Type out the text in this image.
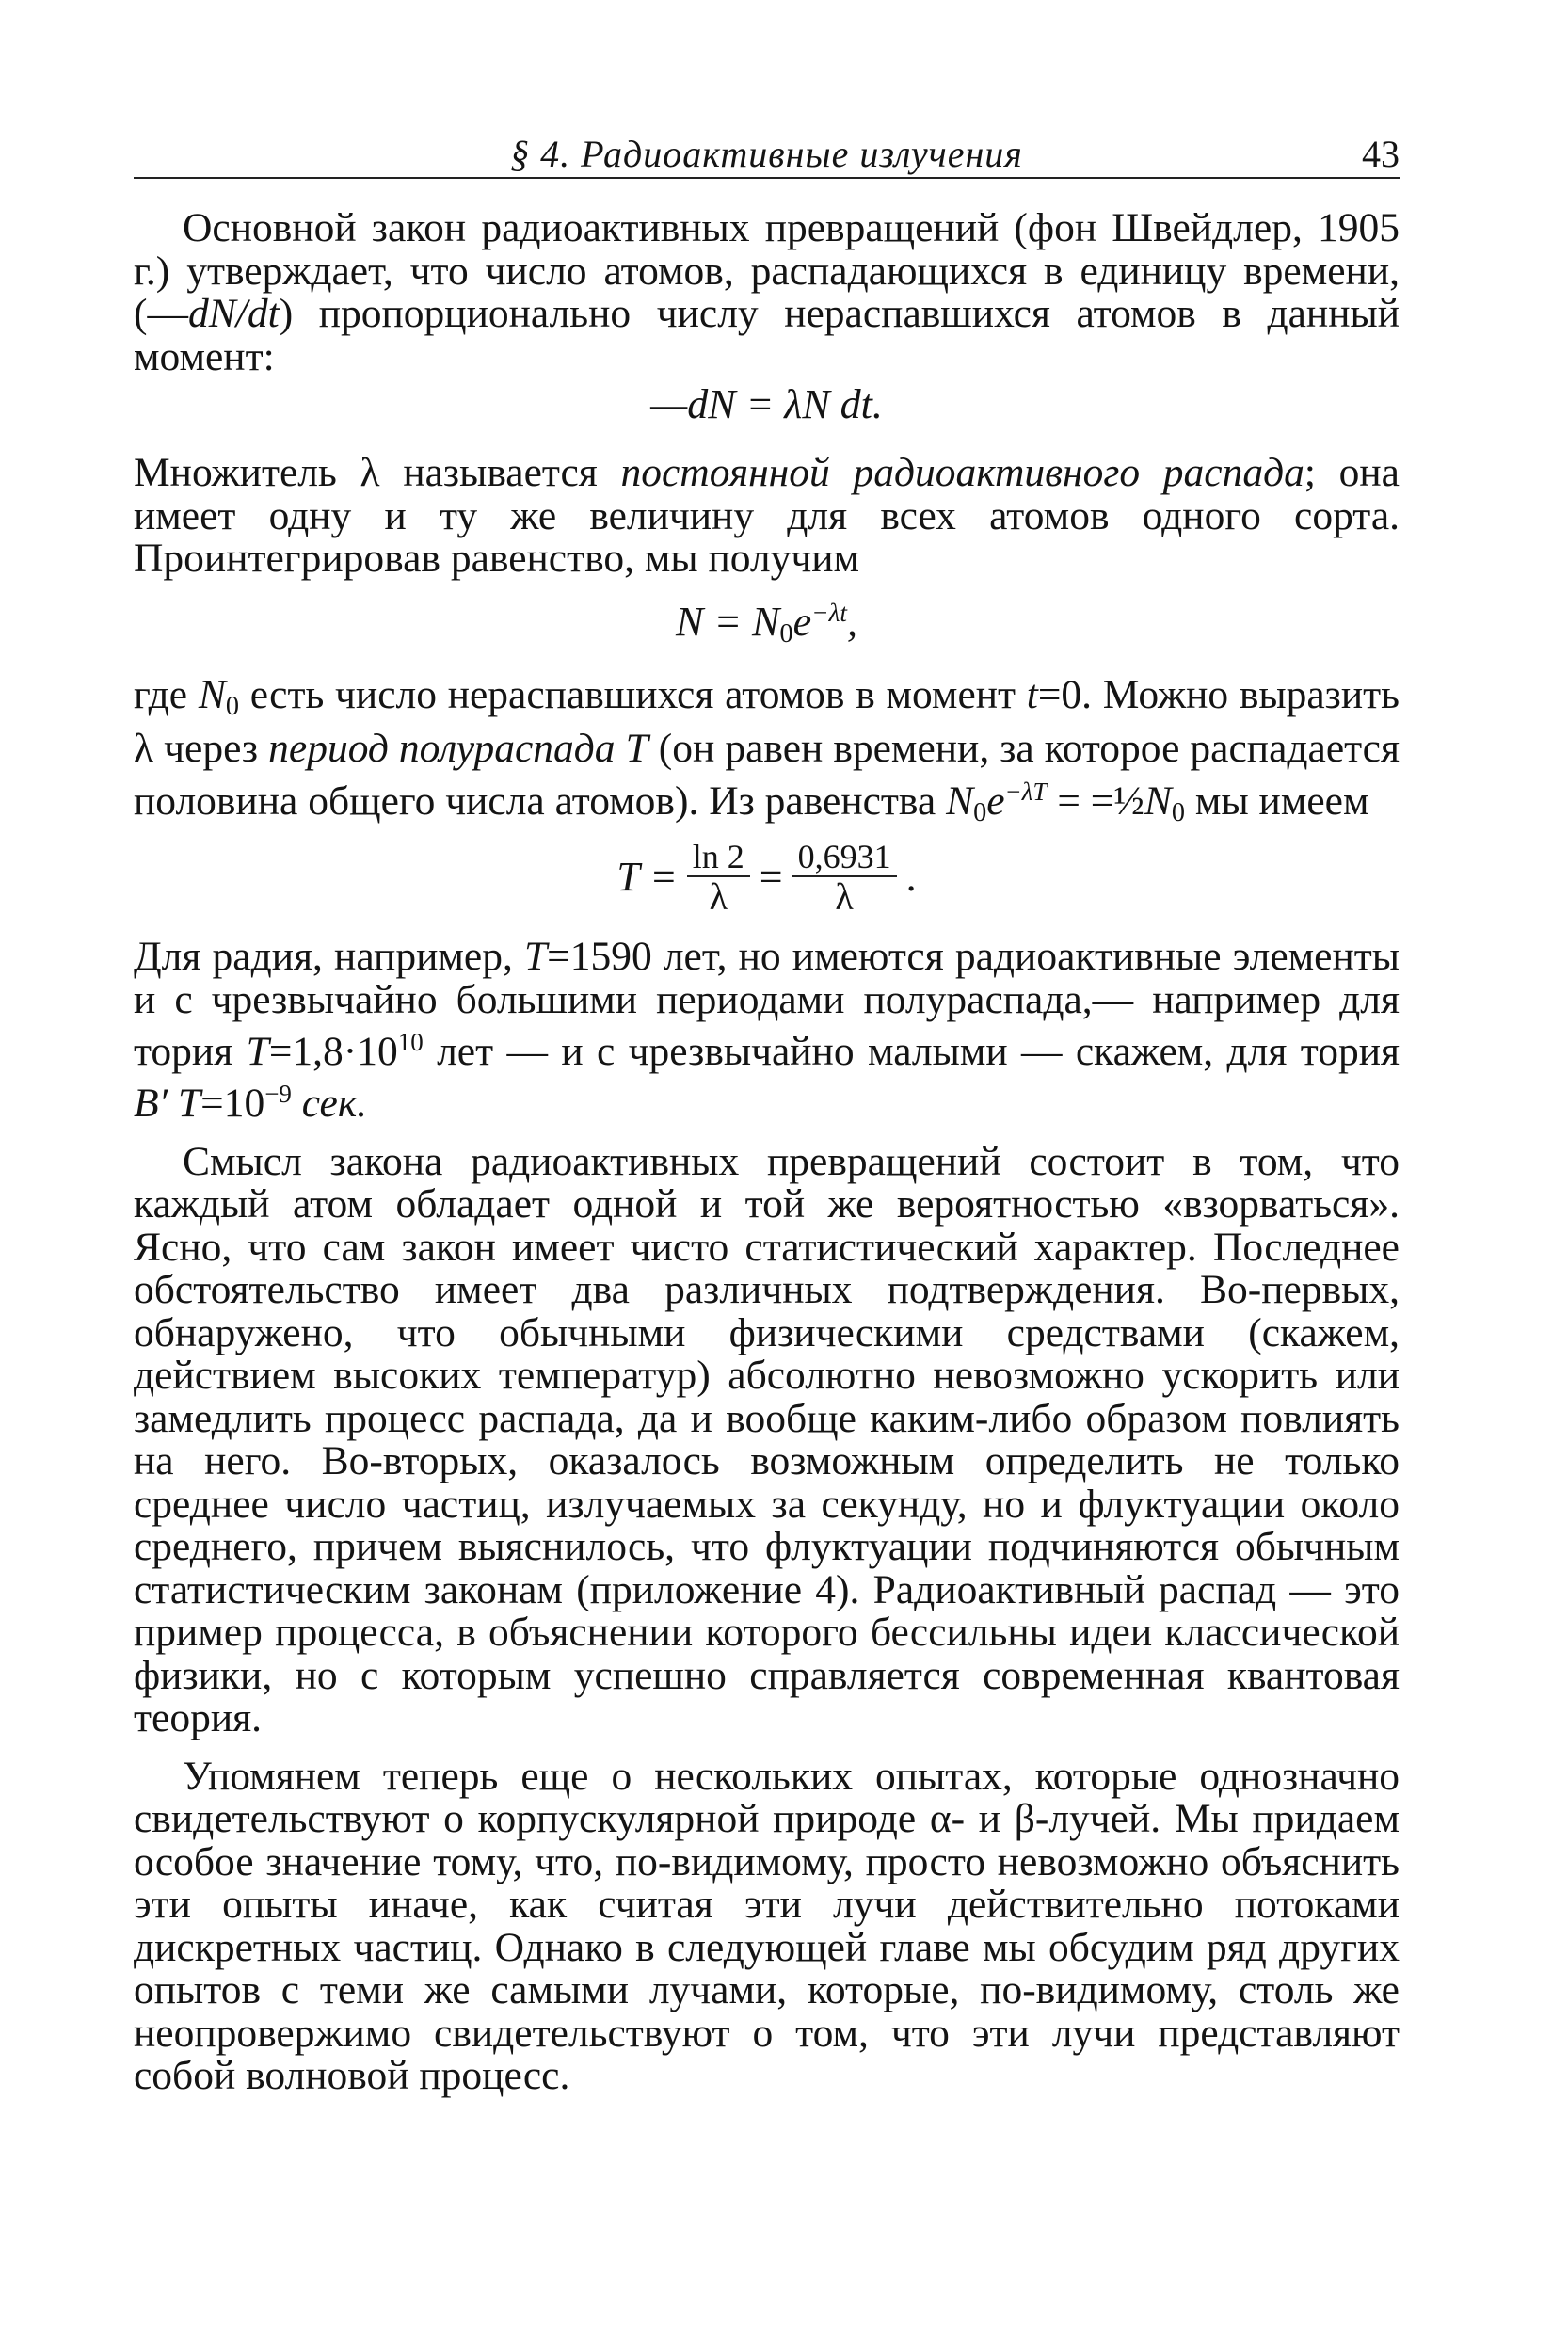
§ 4. Радиоактивные излучения	43

Основной закон радиоактивных превращений (фон Швейдлер, 1905 г.) утверждает, что число атомов, распадающихся в единицу времени, (—dN/dt) пропорционально числу нераспавшихся атомов в данный момент:

—dN = λN dt.

Множитель λ называется постоянной радиоактивного распада; она имеет одну и ту же величину для всех атомов одного сорта. Проинтегрировав равенство, мы получим

$N = N_0e^{-\lambda t}$,

где $N_0$ есть число нераспавшихся атомов в момент t=0. Можно выразить λ через период полураспада T (он равен времени, за которое распадается половина общего числа атомов). Из равенства $N_0e^{-\lambda T}$ = $=\frac{1}{2}N_0$ мы имеем

$T = \frac{\ln 2}{\lambda} = \frac{0,6931}{\lambda}$ .

Для радия, например, T=1590 лет, но имеются радиоактивные элементы и с чрезвычайно большими периодами полураспада,— например для тория $T=1,8\cdot 10^{10}$ лет — и с чрезвычайно малыми — скажем, для тория B′ $T=10^{-9}$ сек.

Смысл закона радиоактивных превращений состоит в том, что каждый атом обладает одной и той же вероятностью «взорваться». Ясно, что сам закон имеет чисто статистический характер. Последнее обстоятельство имеет два различных подтверждения. Во-первых, обнаружено, что обычными физическими средствами (скажем, действием высоких температур) абсолютно невозможно ускорить или замедлить процесс распада, да и вообще каким-либо образом повлиять на него. Во-вторых, оказалось возможным определить не только среднее число частиц, излучаемых за секунду, но и флуктуации около среднего, причем выяснилось, что флуктуации подчиняются обычным статистическим законам (приложение 4). Радиоактивный распад — это пример процесса, в объяснении которого бессильны идеи классической физики, но с которым успешно справляется современная квантовая теория.

Упомянем теперь еще о нескольких опытах, которые однозначно свидетельствуют о корпускулярной природе α- и β-лучей. Мы придаем особое значение тому, что, по-видимому, просто невозможно объяснить эти опыты иначе, как считая эти лучи действительно потоками дискретных частиц. Однако в следующей главе мы обсудим ряд других опытов с теми же самыми лучами, которые, по-видимому, столь же неопровержимо свидетельствуют о том, что эти лучи представляют собой волновой процесс.
